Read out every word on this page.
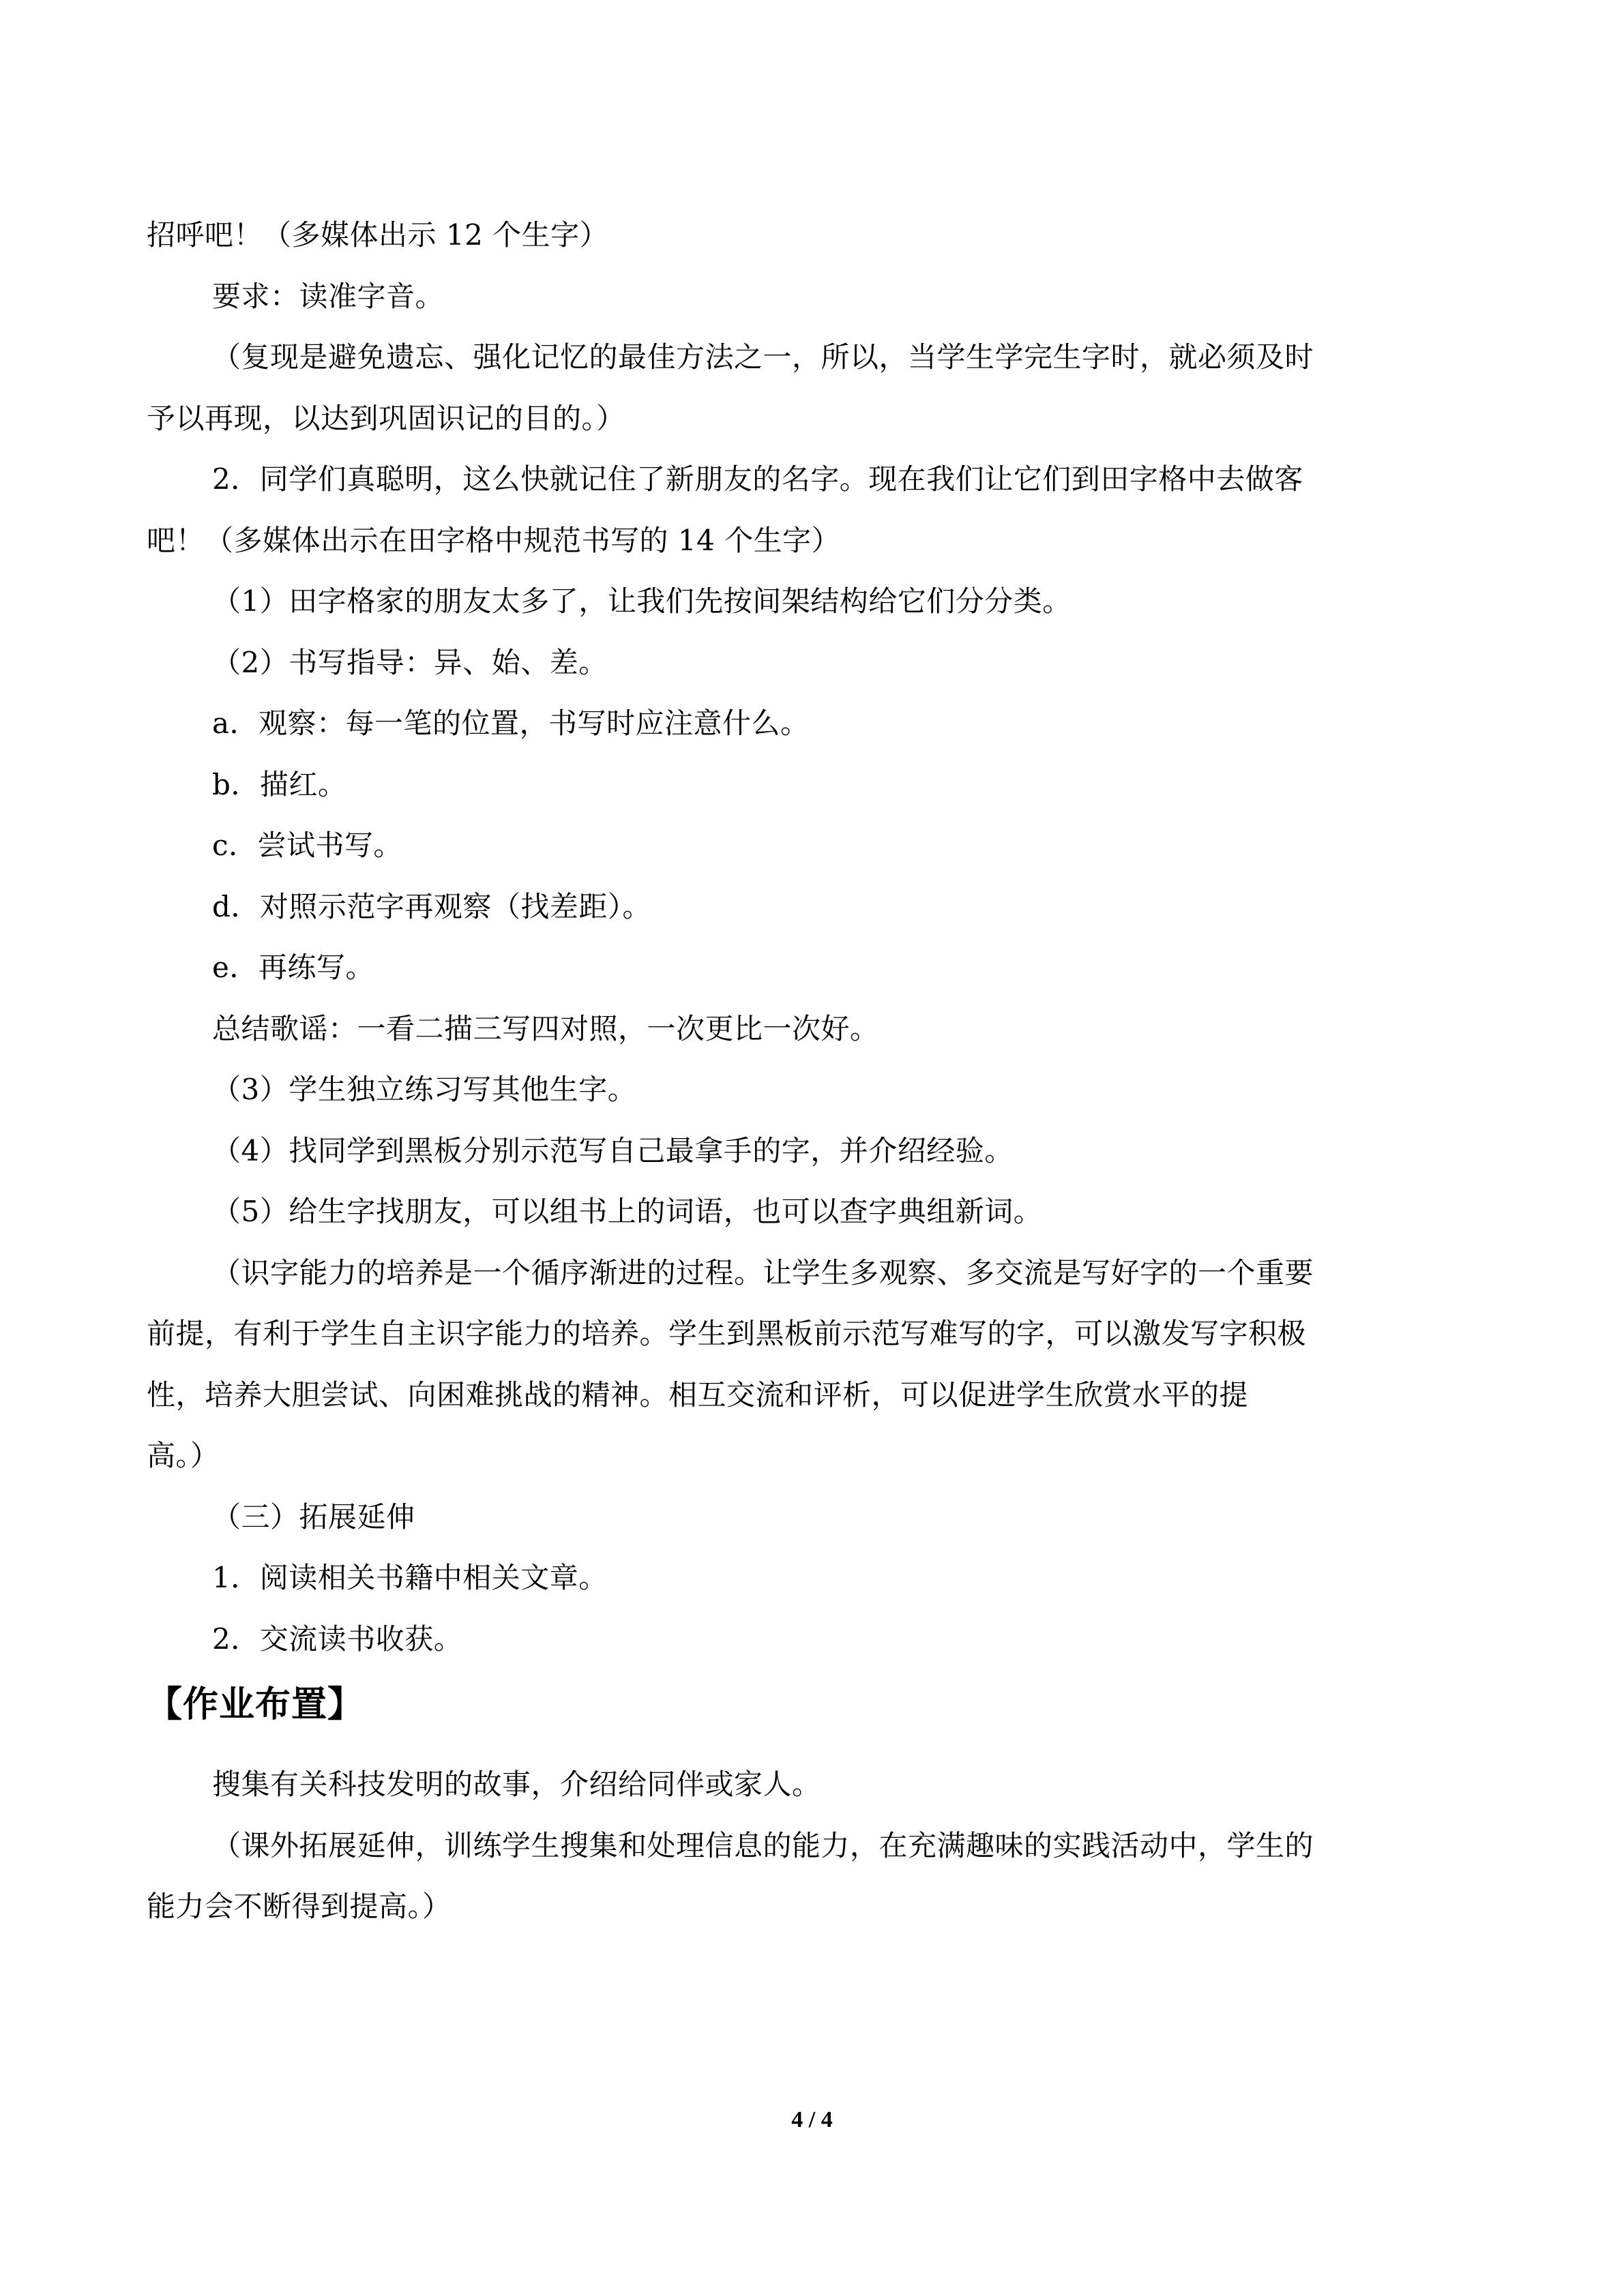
招呼吧！（多媒体出示 12 个生字）
要求：读准字音。
（复现是避免遗忘、强化记忆的最佳方法之一，所以，当学生学完生字时，就必须及时
予以再现，以达到巩固识记的目的。）
2．同学们真聪明，这么快就记住了新朋友的名字。现在我们让它们到田字格中去做客
吧！（多媒体出示在田字格中规范书写的 14 个生字）
（1）田字格家的朋友太多了，让我们先按间架结构给它们分分类。
（2）书写指导：异、始、差。
a．观察：每一笔的位置，书写时应注意什么。
b．描红。
c．尝试书写。
d．对照示范字再观察（找差距）。
e．再练写。
总结歌谣：一看二描三写四对照，一次更比一次好。
（3）学生独立练习写其他生字。
（4）找同学到黑板分别示范写自己最拿手的字，并介绍经验。
（5）给生字找朋友，可以组书上的词语，也可以查字典组新词。
（识字能力的培养是一个循序渐进的过程。让学生多观察、多交流是写好字的一个重要
前提，有利于学生自主识字能力的培养。学生到黑板前示范写难写的字，可以激发写字积极
性，培养大胆尝试、向困难挑战的精神。相互交流和评析，可以促进学生欣赏水平的提
高。）
（三）拓展延伸
1．阅读相关书籍中相关文章。
2．交流读书收获。
【作业布置】
搜集有关科技发明的故事，介绍给同伴或家人。
（课外拓展延伸，训练学生搜集和处理信息的能力，在充满趣味的实践活动中，学生的
能力会不断得到提高。）
4 / 4
